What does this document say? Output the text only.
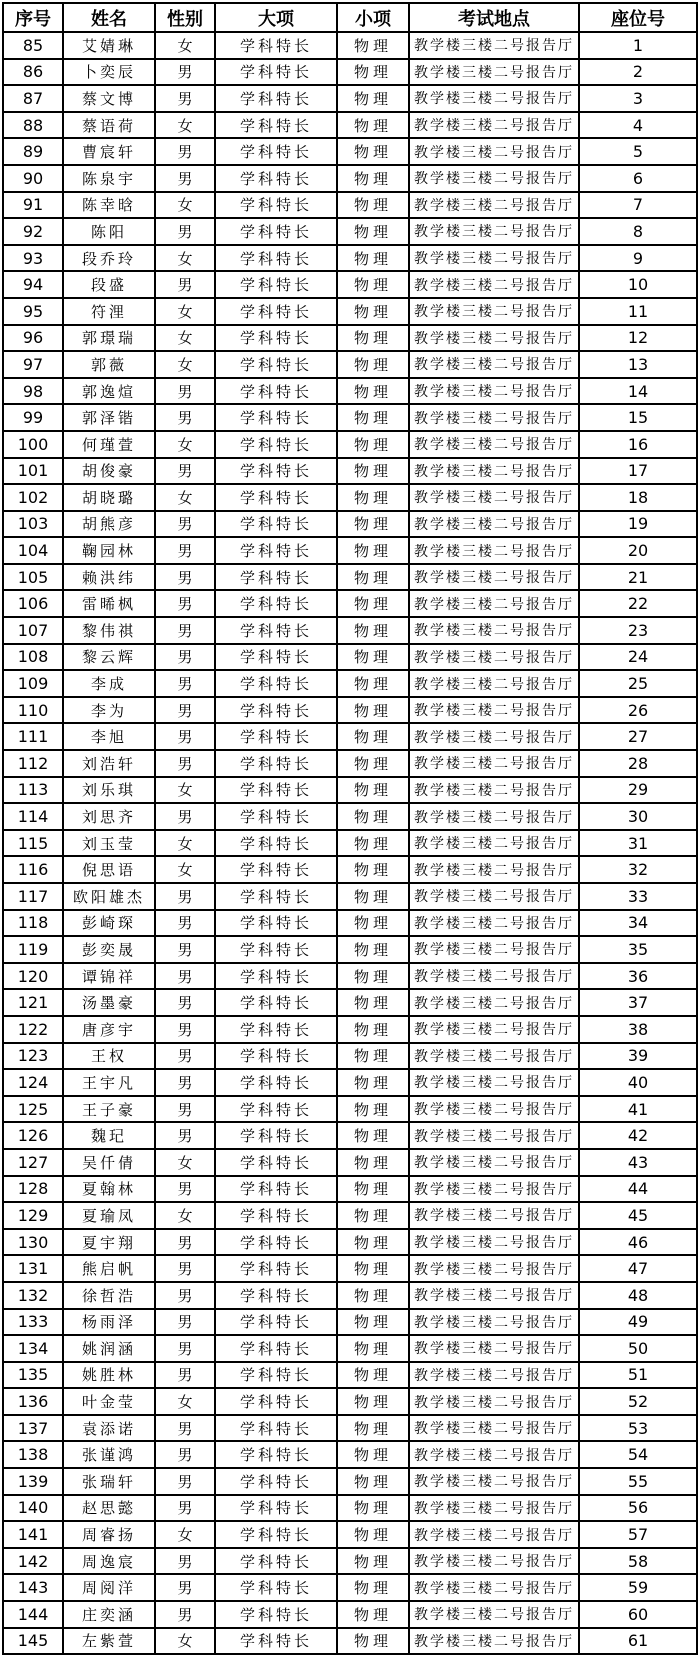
序号	姓名	性别	大项	小项	考试地点	座位号
85	艾婧琳	女	学科特长	物理	教学楼三楼二号报告厅	1
86	卜奕辰	男	学科特长	物理	教学楼三楼二号报告厅	2
87	蔡文博	男	学科特长	物理	教学楼三楼二号报告厅	3
88	蔡语荷	女	学科特长	物理	教学楼三楼二号报告厅	4
89	曹宸轩	男	学科特长	物理	教学楼三楼二号报告厅	5
90	陈泉宇	男	学科特长	物理	教学楼三楼二号报告厅	6
91	陈幸晗	女	学科特长	物理	教学楼三楼二号报告厅	7
92	陈阳	男	学科特长	物理	教学楼三楼二号报告厅	8
93	段乔玲	女	学科特长	物理	教学楼三楼二号报告厅	9
94	段盛	男	学科特长	物理	教学楼三楼二号报告厅	10
95	符浬	女	学科特长	物理	教学楼三楼二号报告厅	11
96	郭璟瑞	女	学科特长	物理	教学楼三楼二号报告厅	12
97	郭薇	女	学科特长	物理	教学楼三楼二号报告厅	13
98	郭逸煊	男	学科特长	物理	教学楼三楼二号报告厅	14
99	郭泽锴	男	学科特长	物理	教学楼三楼二号报告厅	15
100	何瑾萱	女	学科特长	物理	教学楼三楼二号报告厅	16
101	胡俊豪	男	学科特长	物理	教学楼三楼二号报告厅	17
102	胡晓璐	女	学科特长	物理	教学楼三楼二号报告厅	18
103	胡熊彦	男	学科特长	物理	教学楼三楼二号报告厅	19
104	鞠园林	男	学科特长	物理	教学楼三楼二号报告厅	20
105	赖洪纬	男	学科特长	物理	教学楼三楼二号报告厅	21
106	雷晞枫	男	学科特长	物理	教学楼三楼二号报告厅	22
107	黎伟祺	男	学科特长	物理	教学楼三楼二号报告厅	23
108	黎云辉	男	学科特长	物理	教学楼三楼二号报告厅	24
109	李成	男	学科特长	物理	教学楼三楼二号报告厅	25
110	李为	男	学科特长	物理	教学楼三楼二号报告厅	26
111	李旭	男	学科特长	物理	教学楼三楼二号报告厅	27
112	刘浩轩	男	学科特长	物理	教学楼三楼二号报告厅	28
113	刘乐琪	女	学科特长	物理	教学楼三楼二号报告厅	29
114	刘思齐	男	学科特长	物理	教学楼三楼二号报告厅	30
115	刘玉莹	女	学科特长	物理	教学楼三楼二号报告厅	31
116	倪思语	女	学科特长	物理	教学楼三楼二号报告厅	32
117	欧阳雄杰	男	学科特长	物理	教学楼三楼二号报告厅	33
118	彭崎琛	男	学科特长	物理	教学楼三楼二号报告厅	34
119	彭奕晟	男	学科特长	物理	教学楼三楼二号报告厅	35
120	谭锦祥	男	学科特长	物理	教学楼三楼二号报告厅	36
121	汤墨豪	男	学科特长	物理	教学楼三楼二号报告厅	37
122	唐彦宇	男	学科特长	物理	教学楼三楼二号报告厅	38
123	王权	男	学科特长	物理	教学楼三楼二号报告厅	39
124	王宇凡	男	学科特长	物理	教学楼三楼二号报告厅	40
125	王子豪	男	学科特长	物理	教学楼三楼二号报告厅	41
126	魏玘	男	学科特长	物理	教学楼三楼二号报告厅	42
127	吴仟倩	女	学科特长	物理	教学楼三楼二号报告厅	43
128	夏翰林	男	学科特长	物理	教学楼三楼二号报告厅	44
129	夏瑜凤	女	学科特长	物理	教学楼三楼二号报告厅	45
130	夏宇翔	男	学科特长	物理	教学楼三楼二号报告厅	46
131	熊启帆	男	学科特长	物理	教学楼三楼二号报告厅	47
132	徐哲浩	男	学科特长	物理	教学楼三楼二号报告厅	48
133	杨雨泽	男	学科特长	物理	教学楼三楼二号报告厅	49
134	姚润涵	男	学科特长	物理	教学楼三楼二号报告厅	50
135	姚胜林	男	学科特长	物理	教学楼三楼二号报告厅	51
136	叶金莹	女	学科特长	物理	教学楼三楼二号报告厅	52
137	袁添诺	男	学科特长	物理	教学楼三楼二号报告厅	53
138	张谨鸿	男	学科特长	物理	教学楼三楼二号报告厅	54
139	张瑞轩	男	学科特长	物理	教学楼三楼二号报告厅	55
140	赵思懿	男	学科特长	物理	教学楼三楼二号报告厅	56
141	周睿扬	女	学科特长	物理	教学楼三楼二号报告厅	57
142	周逸宸	男	学科特长	物理	教学楼三楼二号报告厅	58
143	周阅洋	男	学科特长	物理	教学楼三楼二号报告厅	59
144	庄奕涵	男	学科特长	物理	教学楼三楼二号报告厅	60
145	左紫萱	女	学科特长	物理	教学楼三楼二号报告厅	61
